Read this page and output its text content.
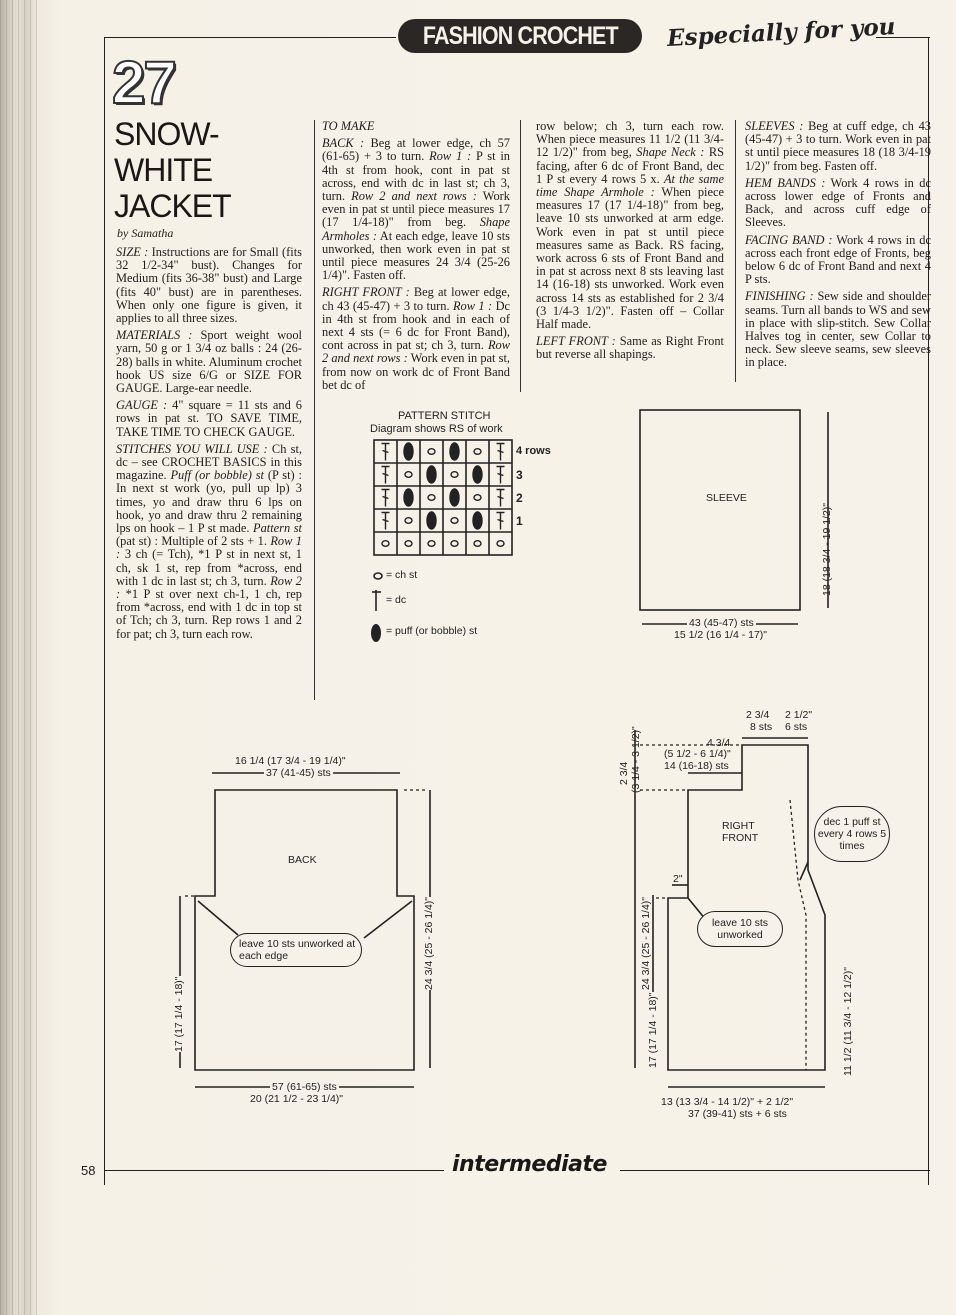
FASHION CROCHET	Especially for you
27
SNOW-
WHITE
JACKET
by Samatha

SIZE : Instructions are for Small (fits 32 1/2-34" bust). Changes for Medium (fits 36-38" bust) and Large (fits 40" bust) are in parentheses. When only one figure is given, it applies to all three sizes.

MATERIALS : Sport weight wool yarn, 50 g or 1 3/4 oz balls : 24 (26-28) balls in white. Aluminum crochet hook US size 6/G or SIZE FOR GAUGE. Large-ear needle.

GAUGE : 4" square = 11 sts and 6 rows in pat st. TO SAVE TIME, TAKE TIME TO CHECK GAUGE.

STITCHES YOU WILL USE : Ch st, dc – see CROCHET BASICS in this magazine. Puff (or bobble) st (P st) : In next st work (yo, pull up lp) 3 times, yo and draw thru 6 lps on hook, yo and draw thru 2 remaining lps on hook – 1 P st made. Pattern st (pat st) : Multiple of 2 sts + 1. Row 1 : 3 ch (= Tch), *1 P st in next st, 1 ch, sk 1 st, rep from *across, end with 1 dc in last st; ch 3, turn. Row 2 : *1 P st over next ch-1, 1 ch, rep from *across, end with 1 dc in top st of Tch; ch 3, turn. Rep rows 1 and 2 for pat; ch 3, turn each row.

TO MAKE

BACK : Beg at lower edge, ch 57 (61-65) + 3 to turn. Row 1 : P st in 4th st from hook, cont in pat st across, end with dc in last st; ch 3, turn. Row 2 and next rows : Work even in pat st until piece measures 17 (17 1/4-18)" from beg. Shape Armholes : At each edge, leave 10 sts unworked, then work even in pat st until piece measures 24 3/4 (25-26 1/4)". Fasten off.

RIGHT FRONT : Beg at lower edge, ch 43 (45-47) + 3 to turn. Row 1 : Dc in 4th st from hook and in each of next 4 sts (= 6 dc for Front Band), cont across in pat st; ch 3, turn. Row 2 and next rows : Work even in pat st, from now on work dc of Front Band bet dc of

row below; ch 3, turn each row. When piece measures 11 1/2 (11 3/4-12 1/2)" from beg, Shape Neck : RS facing, after 6 dc of Front Band, dec 1 P st every 4 rows 5 x. At the same time Shape Armhole : When piece measures 17 (17 1/4-18)" from beg, leave 10 sts unworked at arm edge. Work even in pat st until piece measures same as Back. RS facing, work across 6 sts of Front Band and in pat st across next 8 sts leaving last 14 (16-18) sts unworked. Work even across 14 sts as established for 2 3/4 (3 1/4-3 1/2)". Fasten off – Collar Half made.

LEFT FRONT : Same as Right Front but reverse all shapings.

SLEEVES : Beg at cuff edge, ch 43 (45-47) + 3 to turn. Work even in pat st until piece measures 18 (18 3/4-19 1/2)" from beg. Fasten off.

HEM BANDS : Work 4 rows in dc across lower edge of Fronts and Back, and across cuff edge of Sleeves.

FACING BAND : Work 4 rows in dc across each front edge of Fronts, beg below 6 dc of Front Band and next 4 P sts.

FINISHING : Sew side and shoulder seams. Turn all bands to WS and sew in place with slip-stitch. Sew Collar Halves tog in center, sew Collar to neck. Sew sleeve seams, sew sleeves in place.

PATTERN STITCH
Diagram shows RS of work
4 rows
3
2
1
= ch st
= dc
= puff (or bobble) st
SLEEVE
18 (18 3/4 - 19 1/2)"
43 (45-47) sts
15 1/2 (16 1/4 - 17)"
16 1/4 (17 3/4 - 19 1/4)"
37 (41-45) sts
BACK
leave 10 sts unworked at each edge
17 (17 1/4 - 18)"
24 3/4 (25 - 26 1/4)"
57 (61-65) sts
20 (21 1/2 - 23 1/4)"
2 3/4 2 1/2"
8 sts 6 sts
4 3/4
(5 1/2 - 6 1/4)"
14 (16-18) sts
2 3/4 (3 1/4 - 3 1/2)"
RIGHT
FRONT
dec 1 puff st every 4 rows 5 times
2"
24 3/4 (25 - 26 1/4)"	leave 10 sts unworked
17 (17 1/4 - 18)"	11 1/2 (11 3/4 - 12 1/2)"
13 (13 3/4 - 14 1/2)" + 2 1/2"
37 (39-41) sts + 6 sts
intermediate
58
